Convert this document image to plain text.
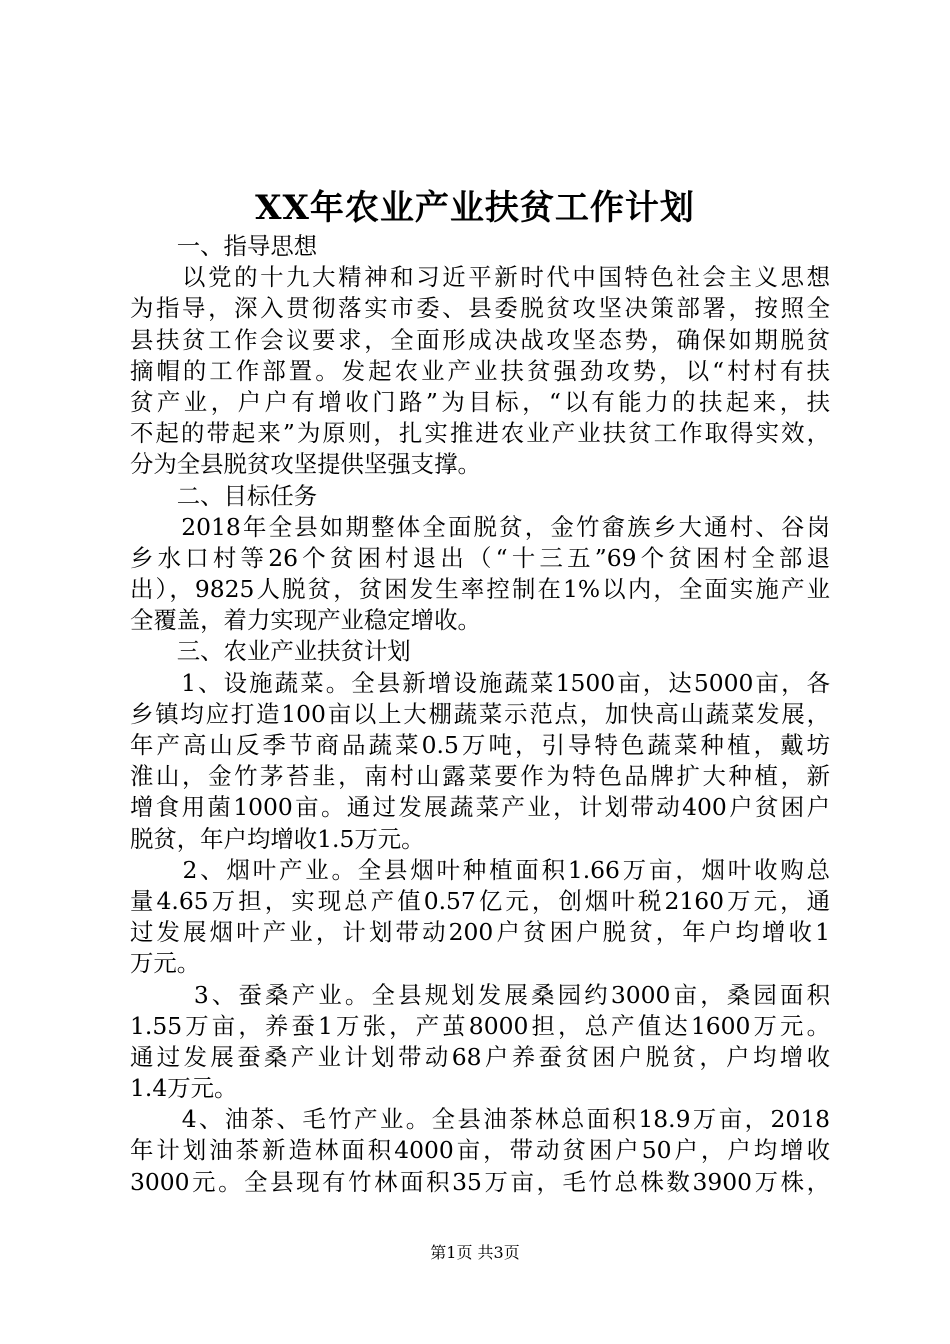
XX年农业产业扶贫工作计划
　　一、指导思想
　　以党的十九大精神和习近平新时代中国特色社会主义思想
为指导，深入贯彻落实市委、县委脱贫攻坚决策部署，按照全
县扶贫工作会议要求，全面形成决战攻坚态势，确保如期脱贫
摘帽的工作部置。发起农业产业扶贫强劲攻势，以“村村有扶
贫产业，户户有增收门路”为目标，“以有能力的扶起来，扶
不起的带起来”为原则，扎实推进农业产业扶贫工作取得实效，
分为全县脱贫攻坚提供坚强支撑。
　　二、目标任务
　　2018年全县如期整体全面脱贫，金竹畲族乡大通村、谷岗
乡水口村等26个贫困村退出（“十三五”69个贫困村全部退
出），9825人脱贫，贫困发生率控制在1%以内，全面实施产业
全覆盖，着力实现产业稳定增收。
　　三、农业产业扶贫计划
　　1、设施蔬菜。全县新增设施蔬菜1500亩，达5000亩，各
乡镇均应打造100亩以上大棚蔬菜示范点，加快高山蔬菜发展，
年产高山反季节商品蔬菜0.5万吨，引导特色蔬菜种植，戴坊
淮山，金竹茅苔韭，南村山露菜要作为特色品牌扩大种植，新
增食用菌1000亩。通过发展蔬菜产业，计划带动400户贫困户
脱贫，年户均增收1.5万元。
　　2、烟叶产业。全县烟叶种植面积1.66万亩，烟叶收购总
量4.65万担，实现总产值0.57亿元，创烟叶税2160万元，通
过发展烟叶产业，计划带动200户贫困户脱贫，年户均增收1
万元。
　　 3、蚕桑产业。全县规划发展桑园约3000亩，桑园面积
1.55万亩，养蚕1万张，产茧8000担，总产值达1600万元。
通过发展蚕桑产业计划带动68户养蚕贫困户脱贫，户均增收
1.4万元。
　　4、油茶、毛竹产业。全县油茶林总面积18.9万亩，2018
年计划油茶新造林面积4000亩，带动贫困户50户，户均增收
3000元。全县现有竹林面积35万亩，毛竹总株数3900万株，
第1页 共3页
